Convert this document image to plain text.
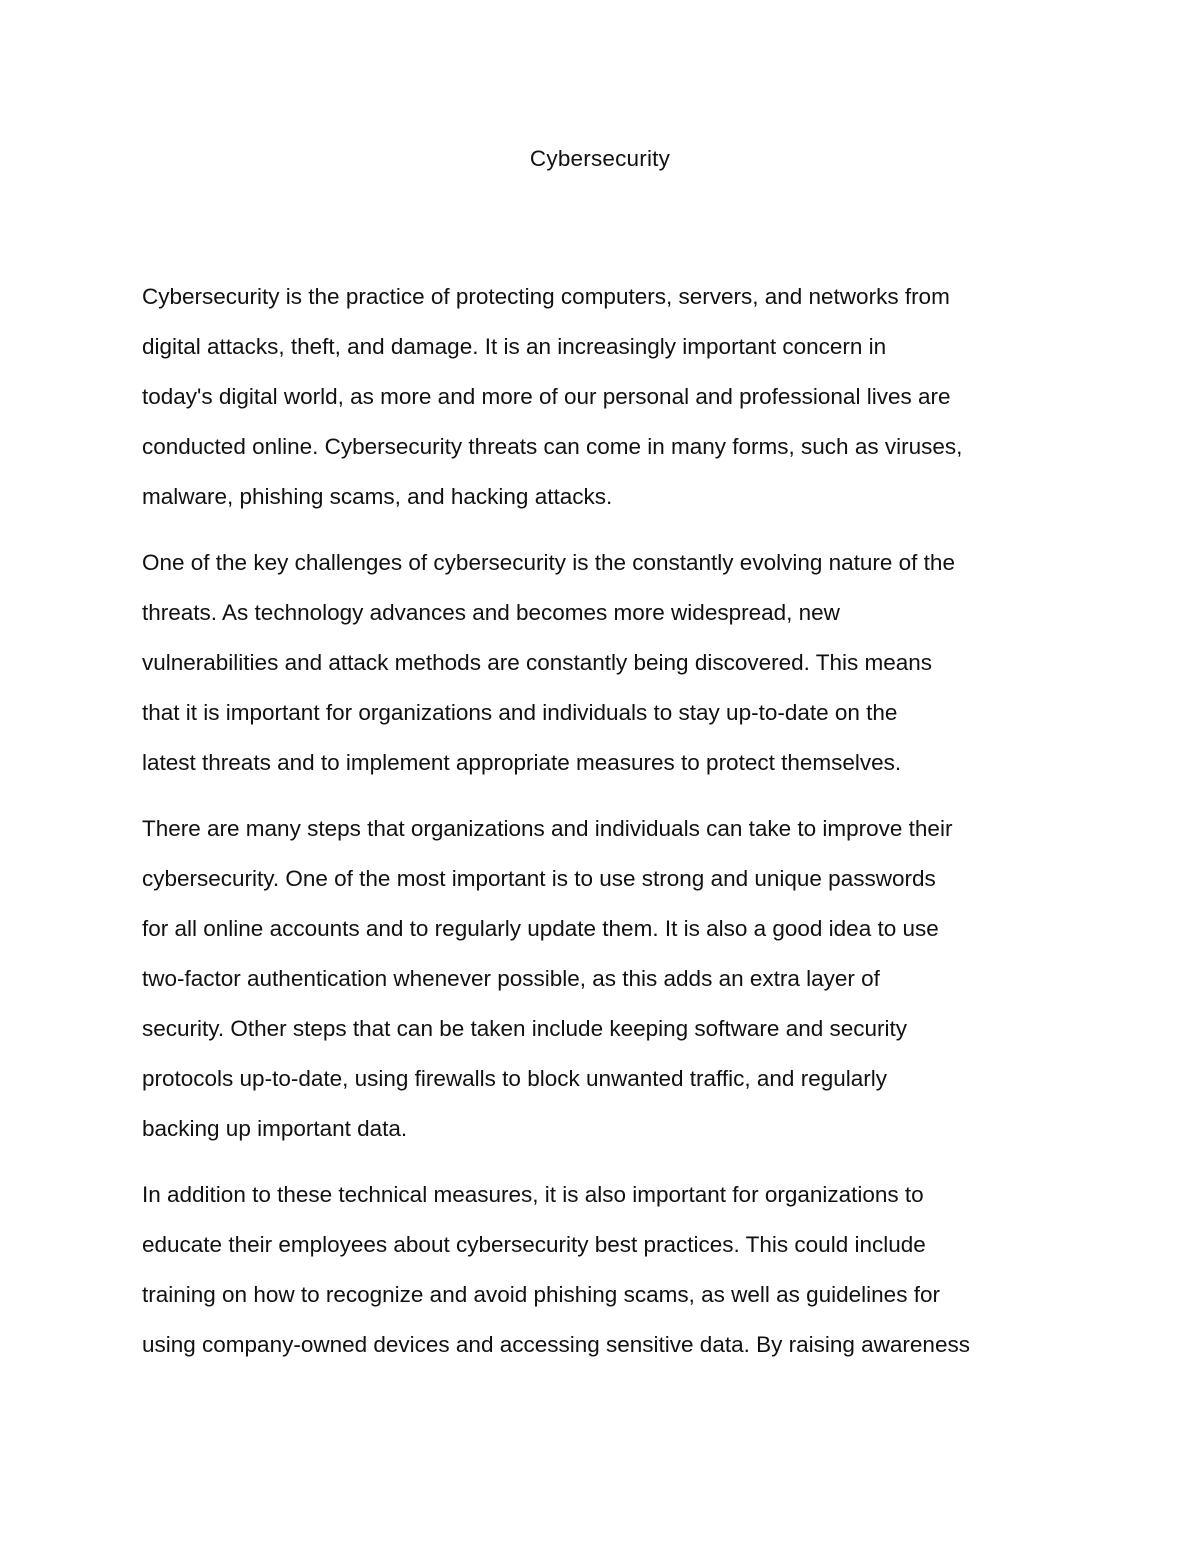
Cybersecurity

Cybersecurity is the practice of protecting computers, servers, and networks from
digital attacks, theft, and damage. It is an increasingly important concern in
today's digital world, as more and more of our personal and professional lives are
conducted online. Cybersecurity threats can come in many forms, such as viruses,
malware, phishing scams, and hacking attacks.

One of the key challenges of cybersecurity is the constantly evolving nature of the
threats. As technology advances and becomes more widespread, new
vulnerabilities and attack methods are constantly being discovered. This means
that it is important for organizations and individuals to stay up-to-date on the
latest threats and to implement appropriate measures to protect themselves.

There are many steps that organizations and individuals can take to improve their
cybersecurity. One of the most important is to use strong and unique passwords
for all online accounts and to regularly update them. It is also a good idea to use
two-factor authentication whenever possible, as this adds an extra layer of
security. Other steps that can be taken include keeping software and security
protocols up-to-date, using firewalls to block unwanted traffic, and regularly
backing up important data.

In addition to these technical measures, it is also important for organizations to
educate their employees about cybersecurity best practices. This could include
training on how to recognize and avoid phishing scams, as well as guidelines for
using company-owned devices and accessing sensitive data. By raising awareness
